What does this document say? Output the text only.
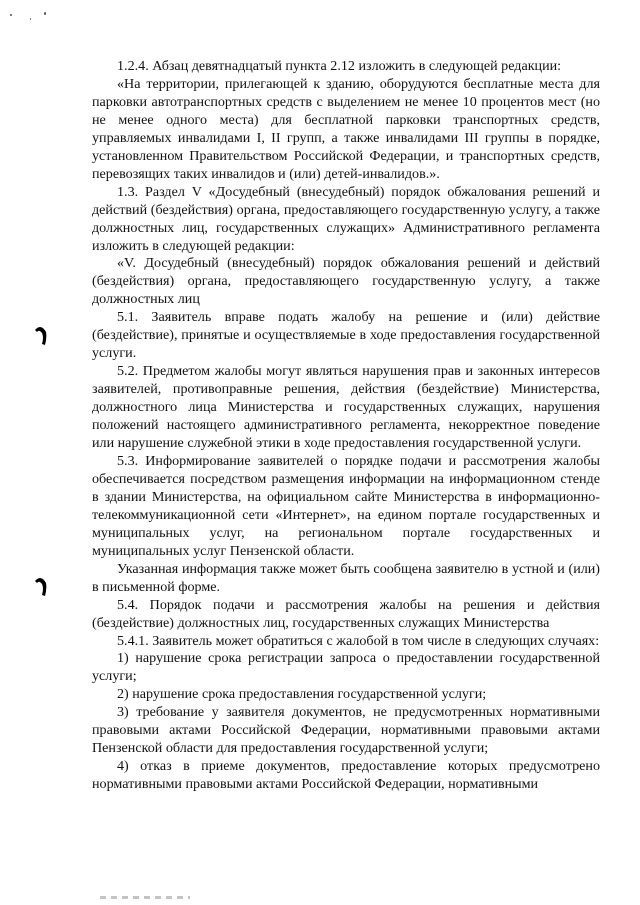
1.2.4. Абзац девятнадцатый пункта 2.12 изложить в следующей редакции:

«На территории, прилегающей к зданию, оборудуются бесплатные места для парковки автотранспортных средств с выделением не менее 10 процентов мест (но не менее одного места) для бесплатной парковки транспортных средств, управляемых инвалидами I, II групп, а также инвалидами III группы в порядке, установленном Правительством Российской Федерации, и транспортных средств, перевозящих таких инвалидов и (или) детей-инвалидов.».

1.3. Раздел V «Досудебный (внесудебный) порядок обжалования решений и действий (бездействия) органа, предоставляющего государственную услугу, а также должностных лиц, государственных служащих» Административного регламента изложить в следующей редакции:

«V. Досудебный (внесудебный) порядок обжалования решений и действий (бездействия) органа, предоставляющего государственную услугу, а также должностных лиц

5.1. Заявитель вправе подать жалобу на решение и (или) действие (бездействие), принятые и осуществляемые в ходе предоставления государственной услуги.

5.2. Предметом жалобы могут являться нарушения прав и законных интересов заявителей, противоправные решения, действия (бездействие) Министерства, должностного лица Министерства и государственных служащих, нарушения положений настоящего административного регламента, некорректное поведение или нарушение служебной этики в ходе предоставления государственной услуги.

5.3. Информирование заявителей о порядке подачи и рассмотрения жалобы обеспечивается посредством размещения информации на информационном стенде в здании Министерства, на официальном сайте Министерства в информационно-телекоммуникационной сети «Интернет», на едином портале государственных и муниципальных услуг, на региональном портале государственных и муниципальных услуг Пензенской области.

Указанная информация также может быть сообщена заявителю в устной и (или) в письменной форме.

5.4. Порядок подачи и рассмотрения жалобы на решения и действия (бездействие) должностных лиц, государственных служащих Министерства

5.4.1. Заявитель может обратиться с жалобой в том числе в следующих случаях:

1) нарушение срока регистрации запроса о предоставлении государственной услуги;

2) нарушение срока предоставления государственной услуги;

3) требование у заявителя документов, не предусмотренных нормативными правовыми актами Российской Федерации, нормативными правовыми актами Пензенской области для предоставления государственной услуги;

4) отказ в приеме документов, предоставление которых предусмотрено нормативными правовыми актами Российской Федерации, нормативными
